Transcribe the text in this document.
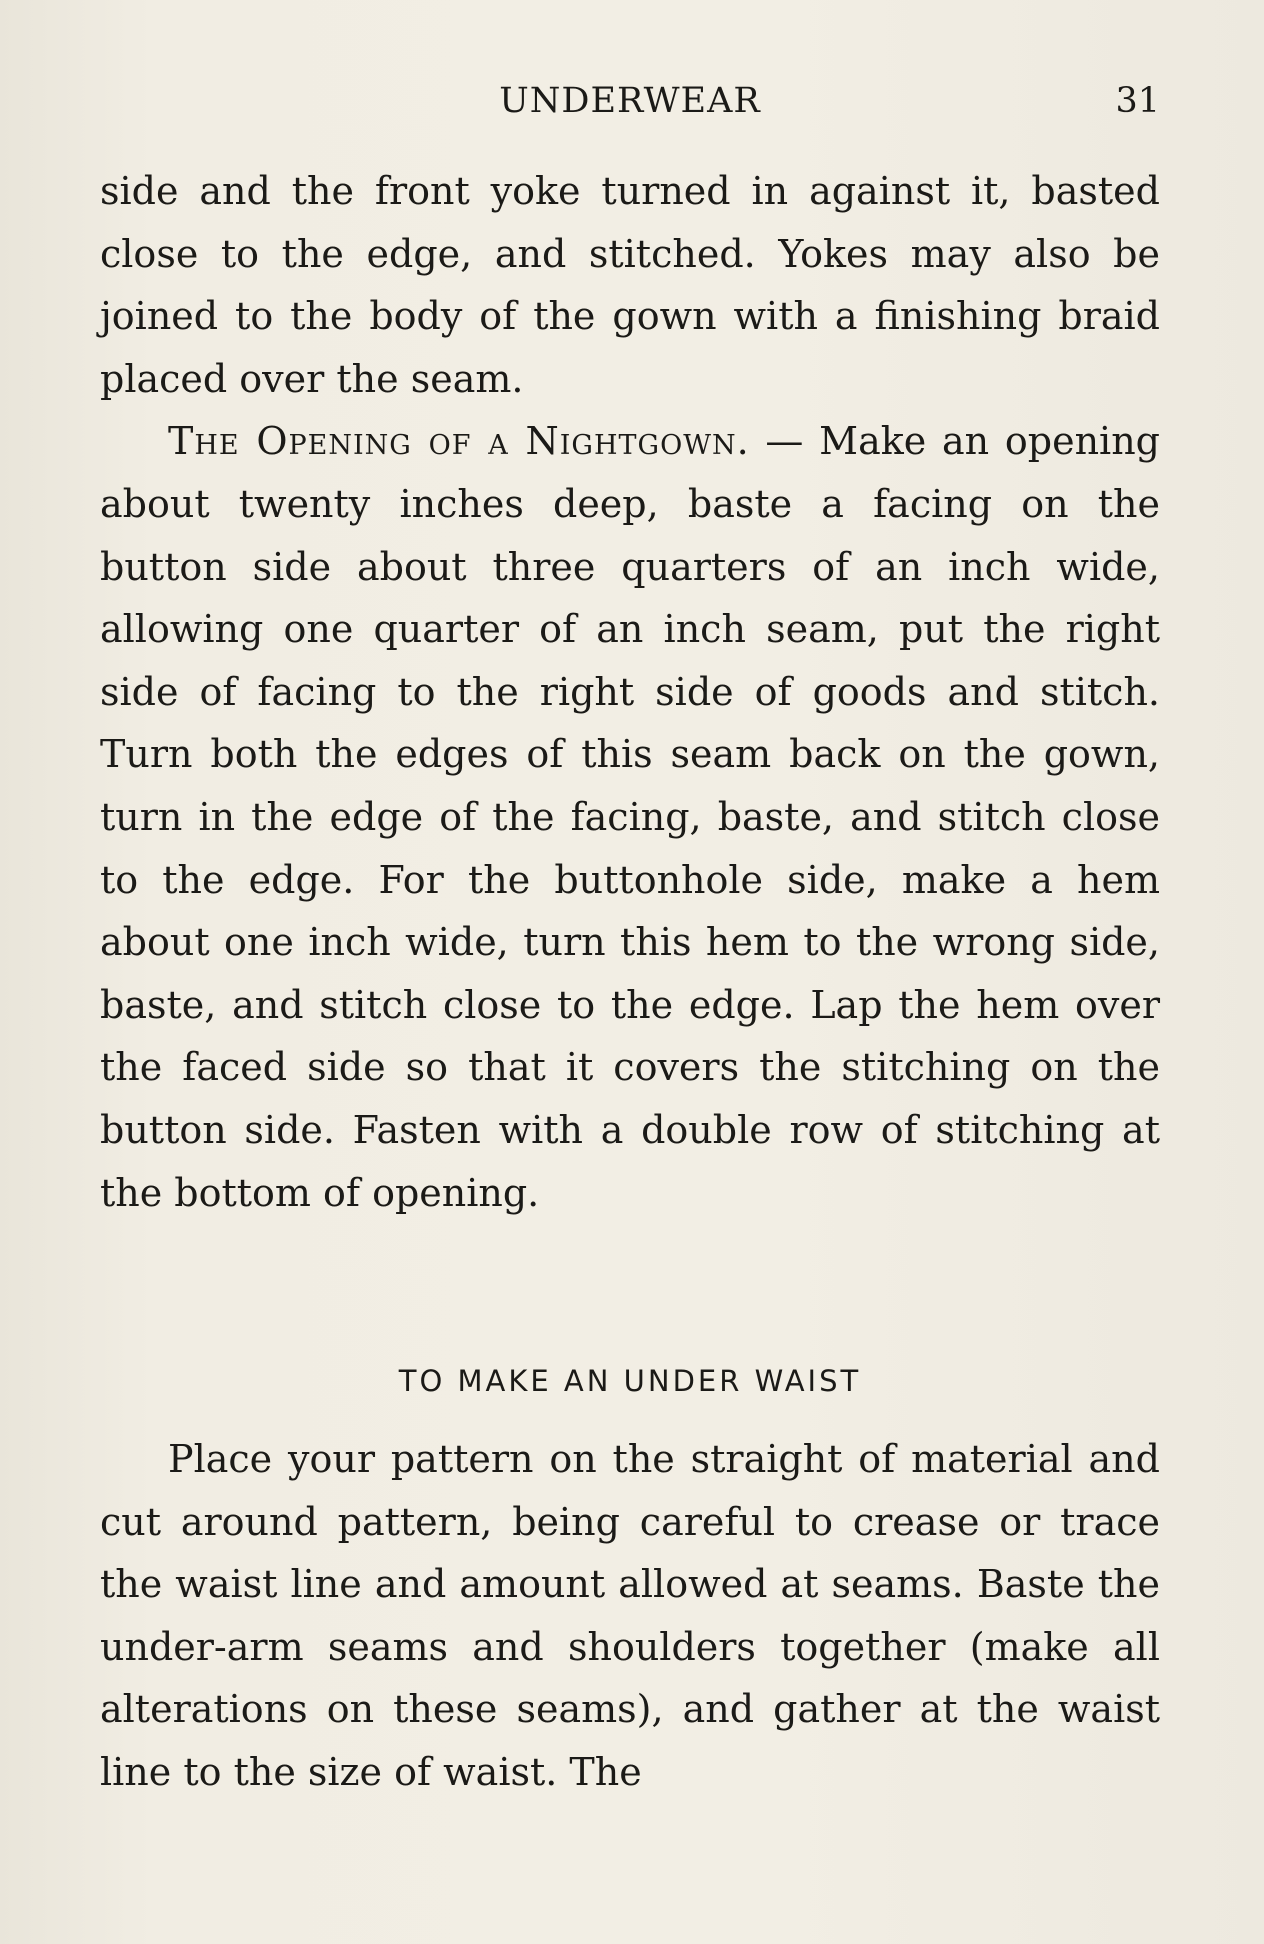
UNDERWEAR	31

side and the front yoke turned in against it, basted close to the edge, and stitched. Yokes may also be joined to the body of the gown with a finishing braid placed over the seam.

The Opening of a Nightgown. — Make an opening about twenty inches deep, baste a facing on the button side about three quarters of an inch wide, allowing one quarter of an inch seam, put the right side of facing to the right side of goods and stitch. Turn both the edges of this seam back on the gown, turn in the edge of the facing, baste, and stitch close to the edge. For the buttonhole side, make a hem about one inch wide, turn this hem to the wrong side, baste, and stitch close to the edge. Lap the hem over the faced side so that it covers the stitching on the button side. Fasten with a double row of stitching at the bottom of opening.

TO MAKE AN UNDER WAIST

Place your pattern on the straight of material and cut around pattern, being careful to crease or trace the waist line and amount allowed at seams. Baste the under-arm seams and shoulders together (make all alterations on these seams), and gather at the waist line to the size of waist. The
